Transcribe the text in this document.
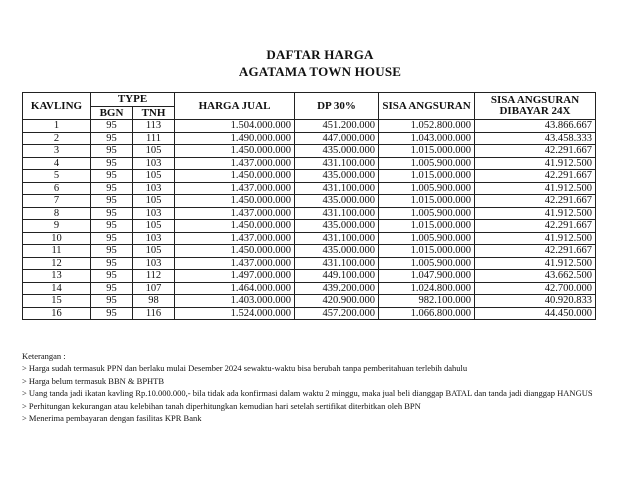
DAFTAR HARGA
AGATAMA TOWN HOUSE
KAVLING	TYPE		HARGA JUAL	DP 30%	SISA ANGSURAN	SISA ANGSURAN
DIBAYAR 24X

	BGN	TNH				
1	95	113	1.504.000.000	451.200.000	1.052.800.000	43.866.667
2	95	111	1.490.000.000	447.000.000	1.043.000.000	43.458.333
3	95	105	1.450.000.000	435.000.000	1.015.000.000	42.291.667
4	95	103	1.437.000.000	431.100.000	1.005.900.000	41.912.500
5	95	105	1.450.000.000	435.000.000	1.015.000.000	42.291.667
6	95	103	1.437.000.000	431.100.000	1.005.900.000	41.912.500
7	95	105	1.450.000.000	435.000.000	1.015.000.000	42.291.667
8	95	103	1.437.000.000	431.100.000	1.005.900.000	41.912.500
9	95	105	1.450.000.000	435.000.000	1.015.000.000	42.291.667
10	95	103	1.437.000.000	431.100.000	1.005.900.000	41.912.500
11	95	105	1.450.000.000	435.000.000	1.015.000.000	42.291.667
12	95	103	1.437.000.000	431.100.000	1.005.900.000	41.912.500
13	95	112	1.497.000.000	449.100.000	1.047.900.000	43.662.500
14	95	107	1.464.000.000	439.200.000	1.024.800.000	42.700.000
15	95	98	1.403.000.000	420.900.000	982.100.000	40.920.833
16	95	116	1.524.000.000	457.200.000	1.066.800.000	44.450.000
Keterangan :
> Harga sudah termasuk PPN dan berlaku mulai Desember 2024 sewaktu-waktu bisa berubah tanpa pemberitahuan terlebih dahulu
> Harga belum termasuk BBN & BPHTB
> Uang tanda jadi ikatan kavling Rp.10.000.000,- bila tidak ada konfirmasi dalam waktu 2 minggu, maka jual beli dianggap BATAL dan tanda jadi dianggap HANGUS
> Perhitungan kekurangan atau kelebihan tanah diperhitungkan kemudian hari setelah sertifikat diterbitkan oleh BPN
> Menerima pembayaran dengan fasilitas KPR Bank
